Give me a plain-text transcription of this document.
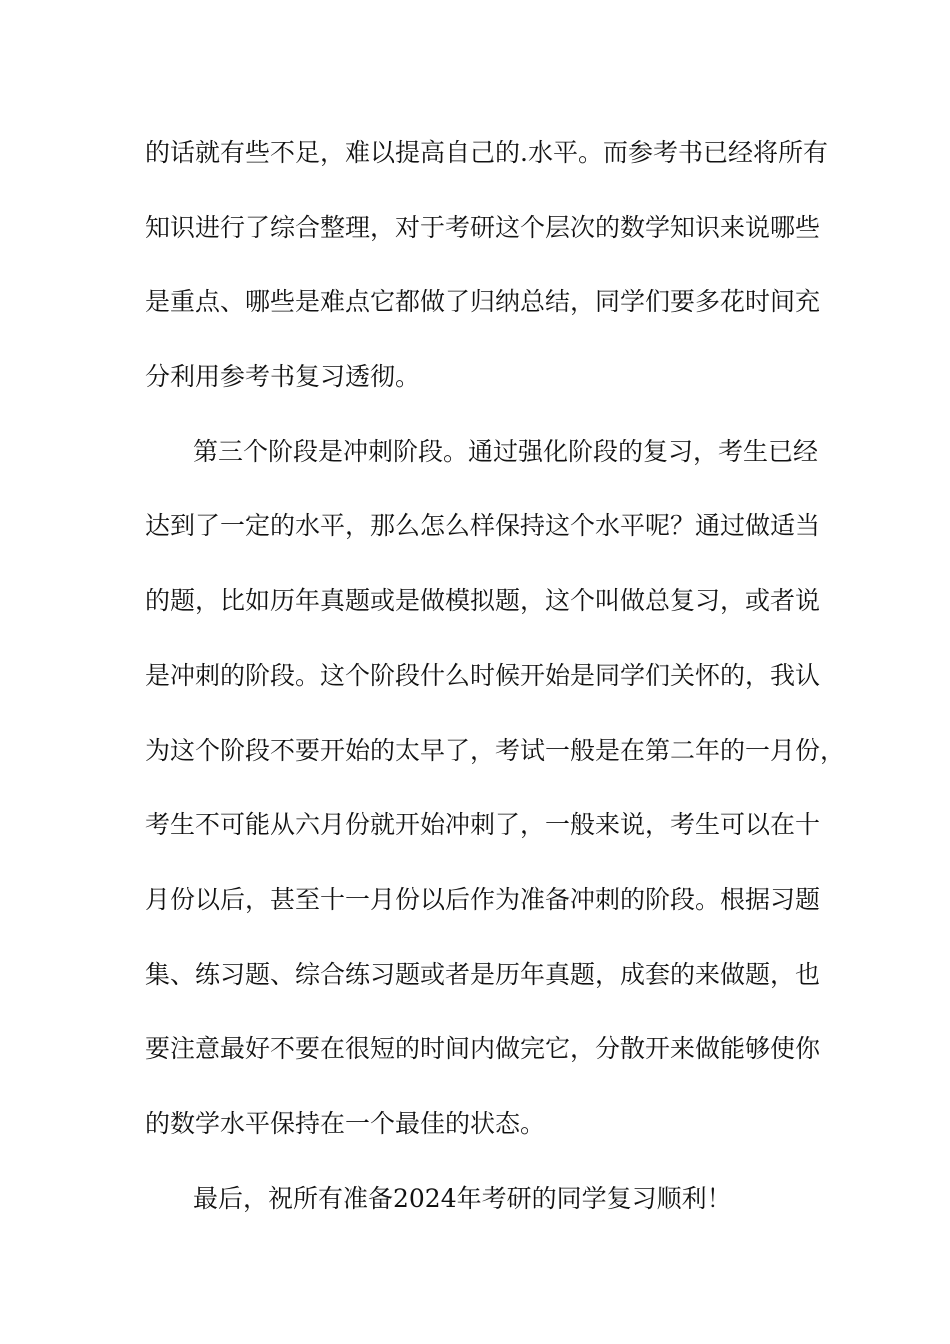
的话就有些不足，难以提高自己的.水平。而参考书已经将所有
知识进行了综合整理，对于考研这个层次的数学知识来说哪些
是重点、哪些是难点它都做了归纳总结，同学们要多花时间充
分利用参考书复习透彻。
第三个阶段是冲刺阶段。通过强化阶段的复习，考生已经
达到了一定的水平，那么怎么样保持这个水平呢？通过做适当
的题，比如历年真题或是做模拟题，这个叫做总复习，或者说
是冲刺的阶段。这个阶段什么时候开始是同学们关怀的，我认
为这个阶段不要开始的太早了，考试一般是在第二年的一月份，
考生不可能从六月份就开始冲刺了，一般来说，考生可以在十
月份以后，甚至十一月份以后作为准备冲刺的阶段。根据习题
集、练习题、综合练习题或者是历年真题，成套的来做题，也
要注意最好不要在很短的时间内做完它，分散开来做能够使你
的数学水平保持在一个最佳的状态。
最后，祝所有准备2024年考研的同学复习顺利！
